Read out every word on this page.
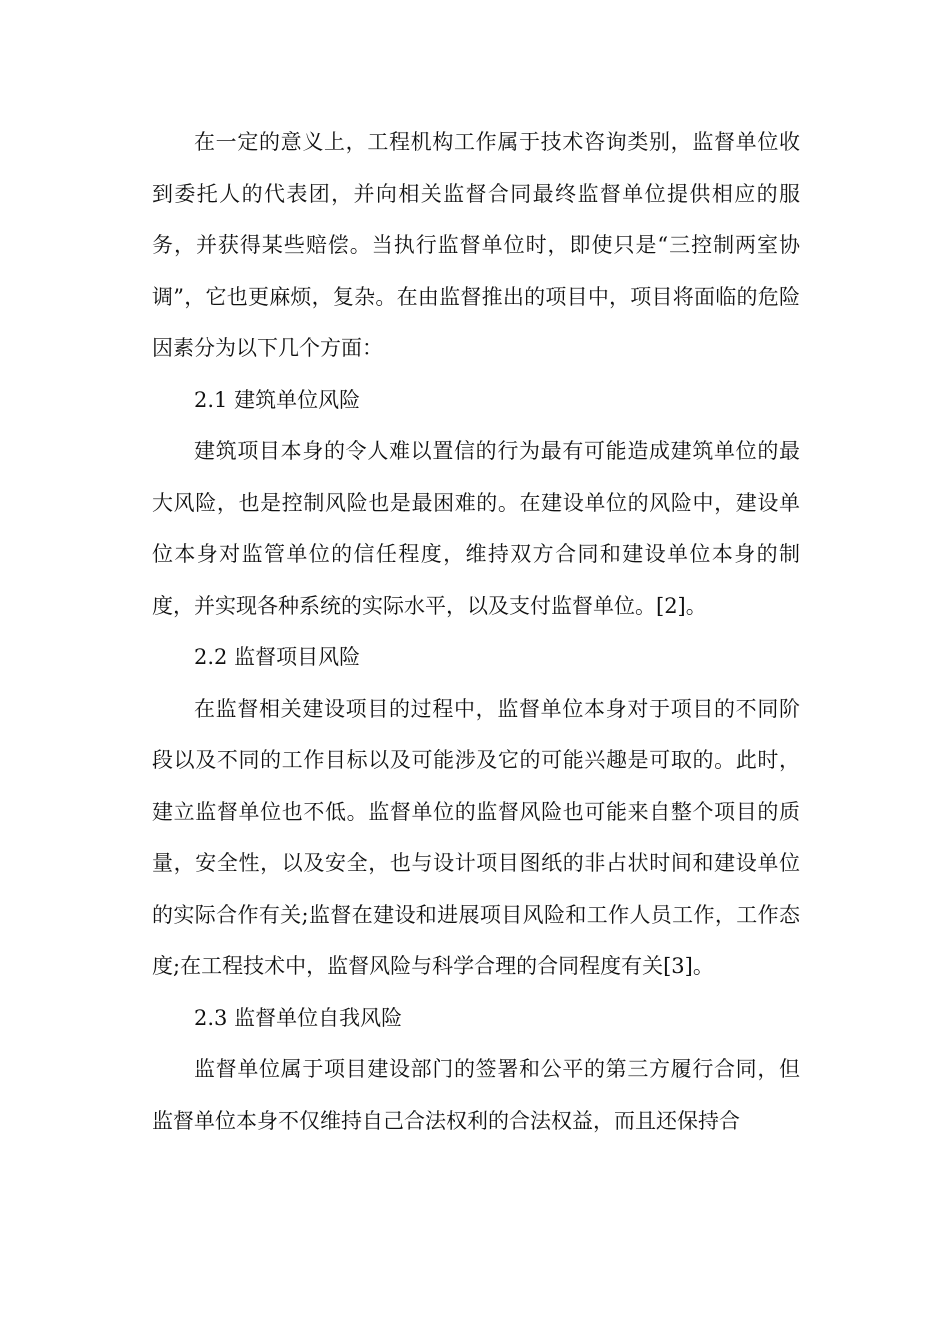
在一定的意义上，工程机构工作属于技术咨询类别，监督单位收到委托人的代表团，并向相关监督合同最终监督单位提供相应的服务，并获得某些赔偿。当执行监督单位时，即使只是“三控制两室协调”，它也更麻烦，复杂。在由监督推出的项目中，项目将面临的危险因素分为以下几个方面：

2.1 建筑单位风险

建筑项目本身的令人难以置信的行为最有可能造成建筑单位的最大风险，也是控制风险也是最困难的。在建设单位的风险中，建设单位本身对监管单位的信任程度，维持双方合同和建设单位本身的制度，并实现各种系统的实际水平，以及支付监督单位。[2]。

2.2 监督项目风险

在监督相关建设项目的过程中，监督单位本身对于项目的不同阶段以及不同的工作目标以及可能涉及它的可能兴趣是可取的。此时，建立监督单位也不低。监督单位的监督风险也可能来自整个项目的质量，安全性，以及安全，也与设计项目图纸的非占状时间和建设单位的实际合作有关;监督在建设和进展项目风险和工作人员工作，工作态度;在工程技术中，监督风险与科学合理的合同程度有关[3]。

2.3 监督单位自我风险

监督单位属于项目建设部门的签署和公平的第三方履行合同，但监督单位本身不仅维持自己合法权利的合法权益，而且还保持合
